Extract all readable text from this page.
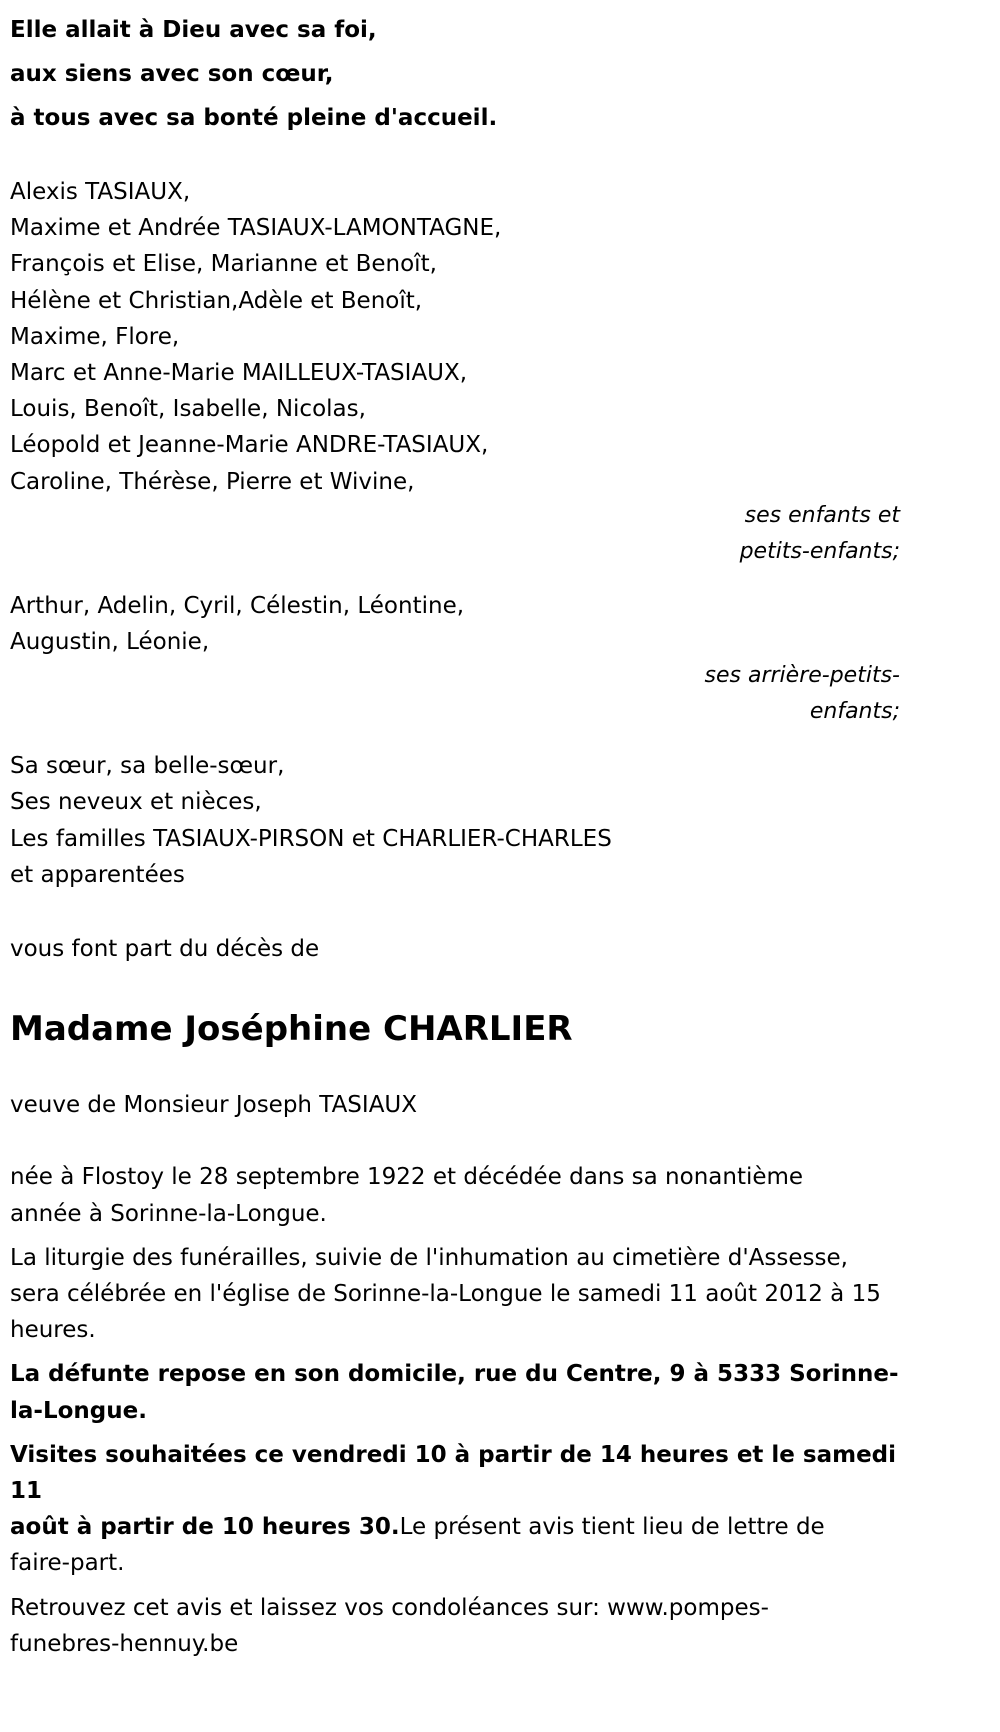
Elle allait à Dieu avec sa foi,
aux siens avec son cœur,
à tous avec sa bonté pleine d'accueil.
Alexis TASIAUX,
Maxime et Andrée TASIAUX-LAMONTAGNE,
François et Elise, Marianne et Benoît,
Hélène et Christian,Adèle et Benoît,
Maxime, Flore,
Marc et Anne-Marie MAILLEUX-TASIAUX,
Louis, Benoît, Isabelle, Nicolas,
Léopold et Jeanne-Marie ANDRE-TASIAUX,
Caroline, Thérèse, Pierre et Wivine,
ses enfants et
petits-enfants;
Arthur, Adelin, Cyril, Célestin, Léontine,
Augustin, Léonie,
ses arrière-petits-
enfants;
Sa sœur, sa belle-sœur,
Ses neveux et nièces,
Les familles TASIAUX-PIRSON et CHARLIER-CHARLES
et apparentées
vous font part du décès de
Madame Joséphine CHARLIER
veuve de Monsieur Joseph TASIAUX

née à Flostoy le 28 septembre 1922 et décédée dans sa nonantième
année à Sorinne-la-Longue.

La liturgie des funérailles, suivie de l'inhumation au cimetière d'Assesse,
sera célébrée en l'église de Sorinne-la-Longue le samedi 11 août 2012 à 15
heures.

La défunte repose en son domicile, rue du Centre, 9 à 5333 Sorinne-
la-Longue.

Visites souhaitées ce vendredi 10 à partir de 14 heures et le samedi 11
août à partir de 10 heures 30.Le présent avis tient lieu de lettre de
faire-part.

Retrouvez cet avis et laissez vos condoléances sur: www.pompes-
funebres-hennuy.be
